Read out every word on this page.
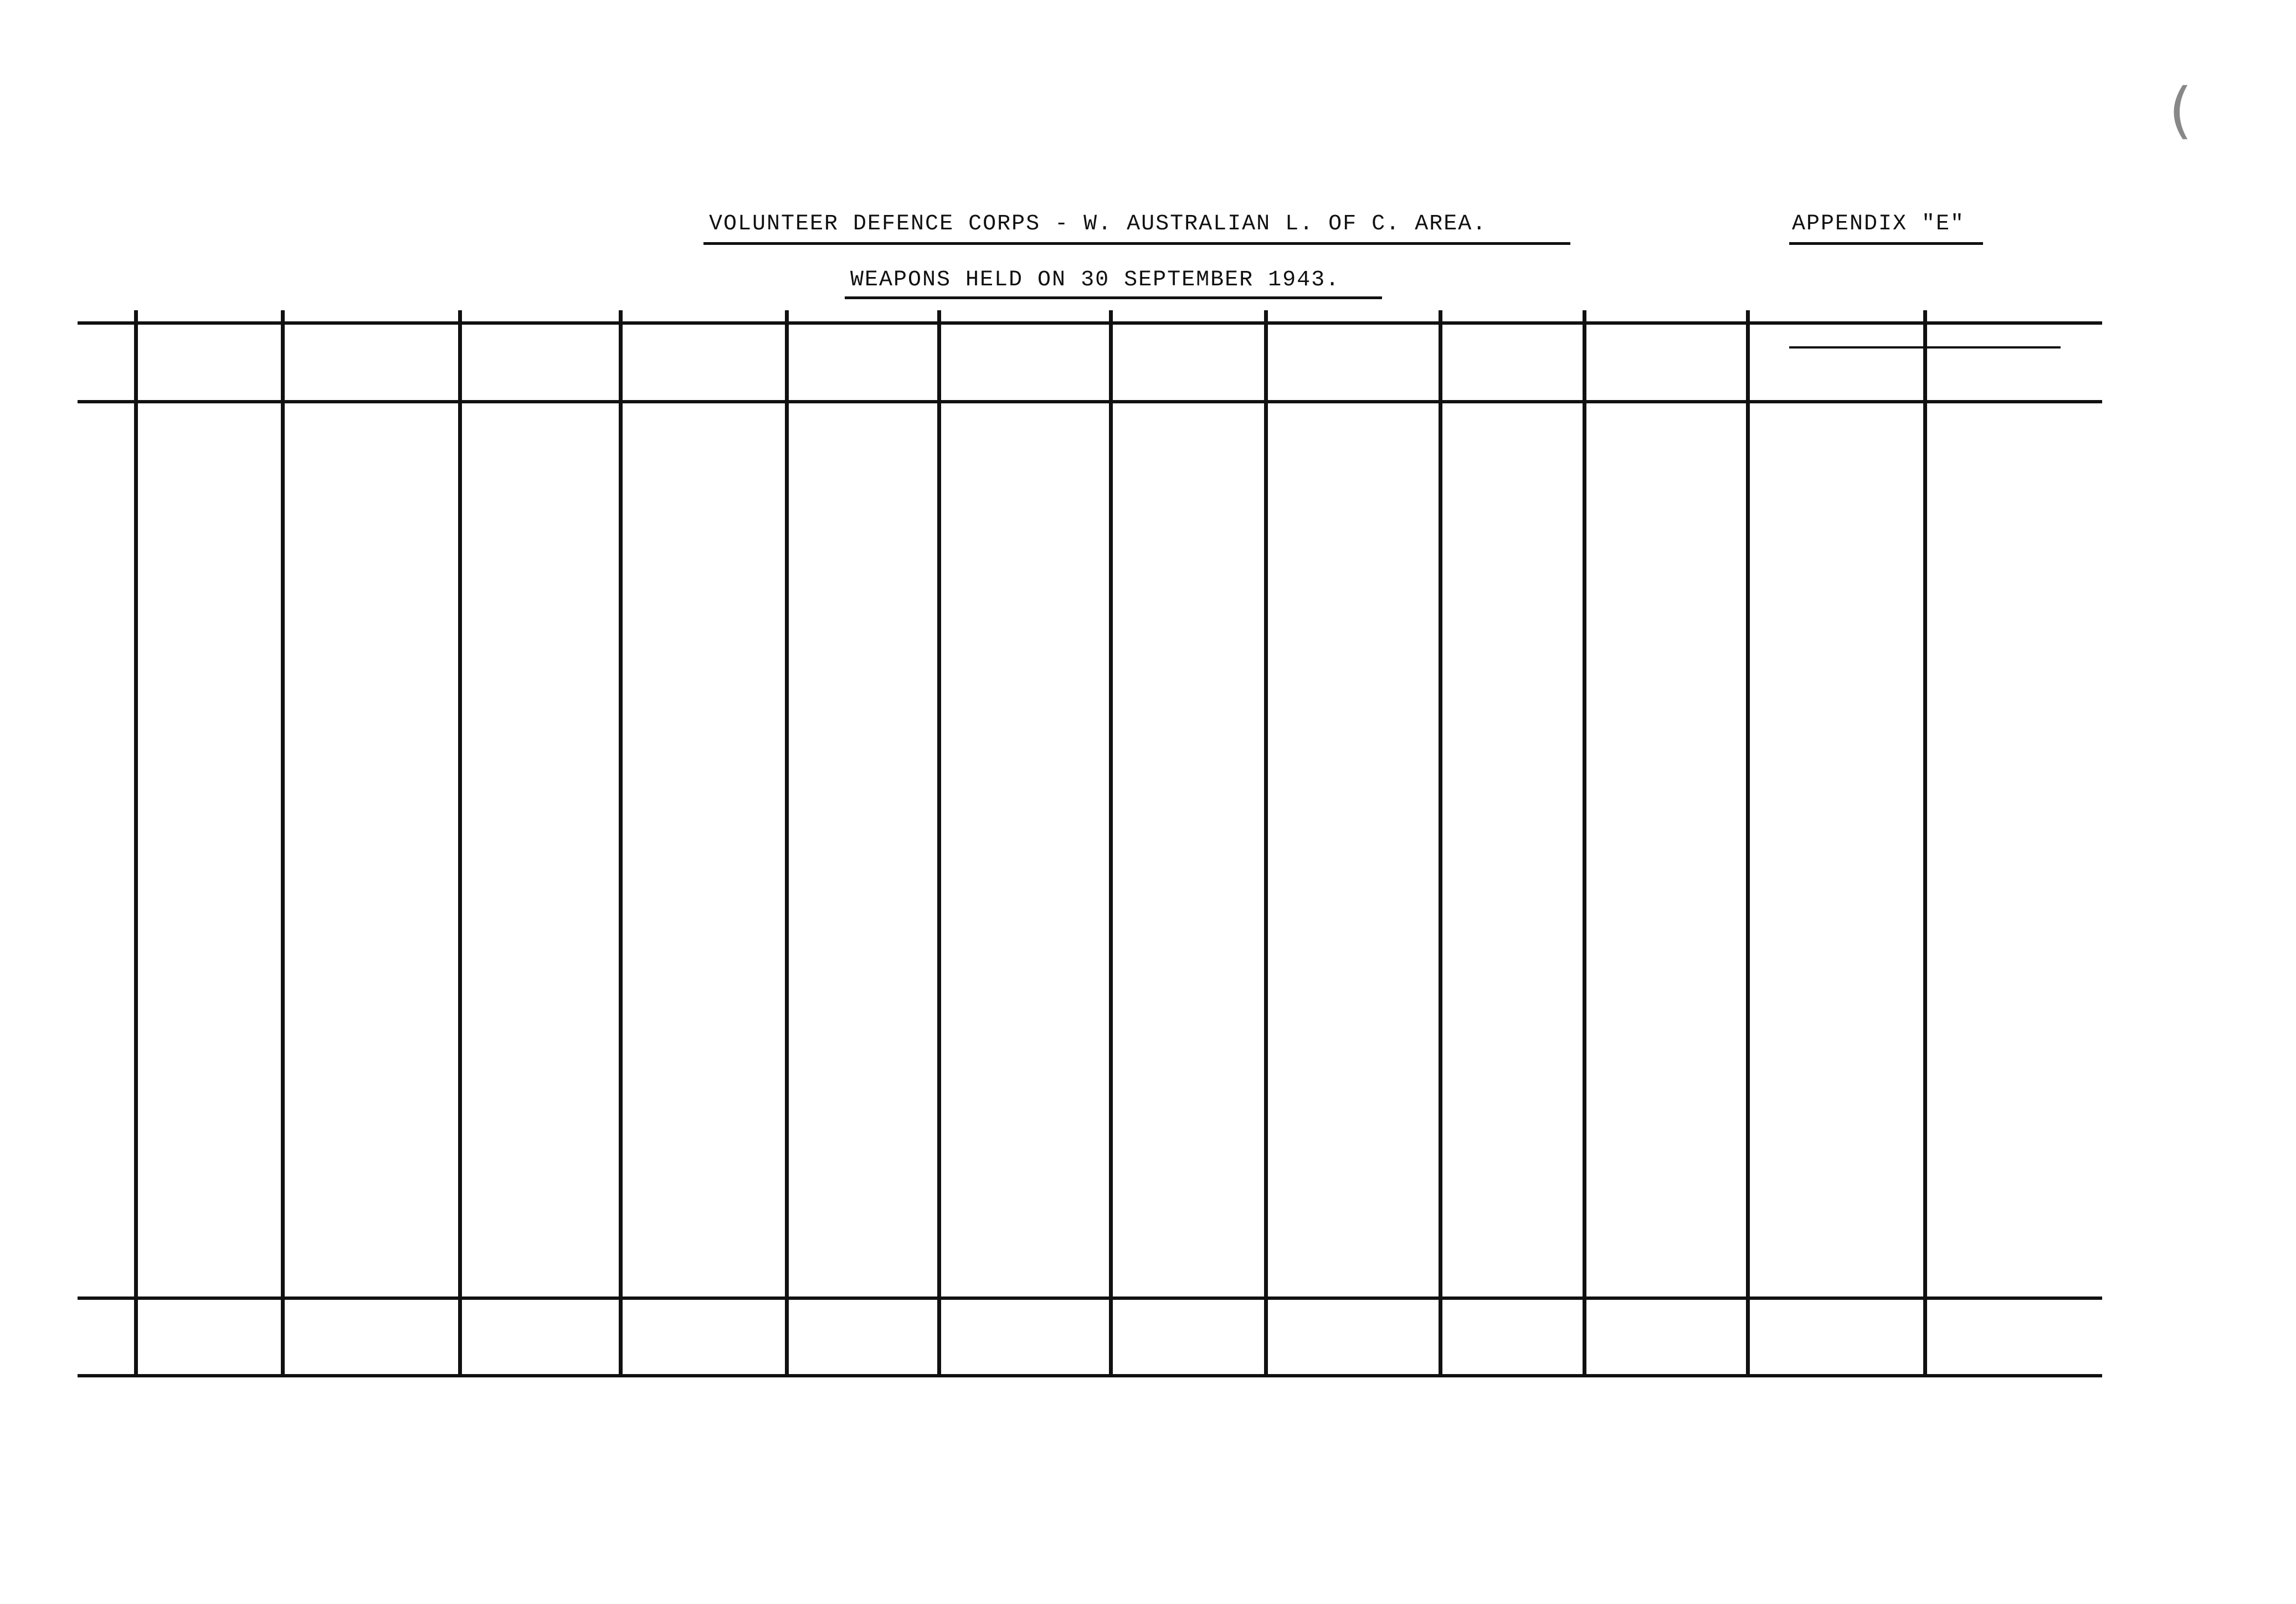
VOLUNTEER DEFENCE CORPS - W. AUSTRALIAN L. OF C. AREA.	APPENDIX "E"
WEAPONS HELD ON 30 SEPTEMBER 1943.
(
